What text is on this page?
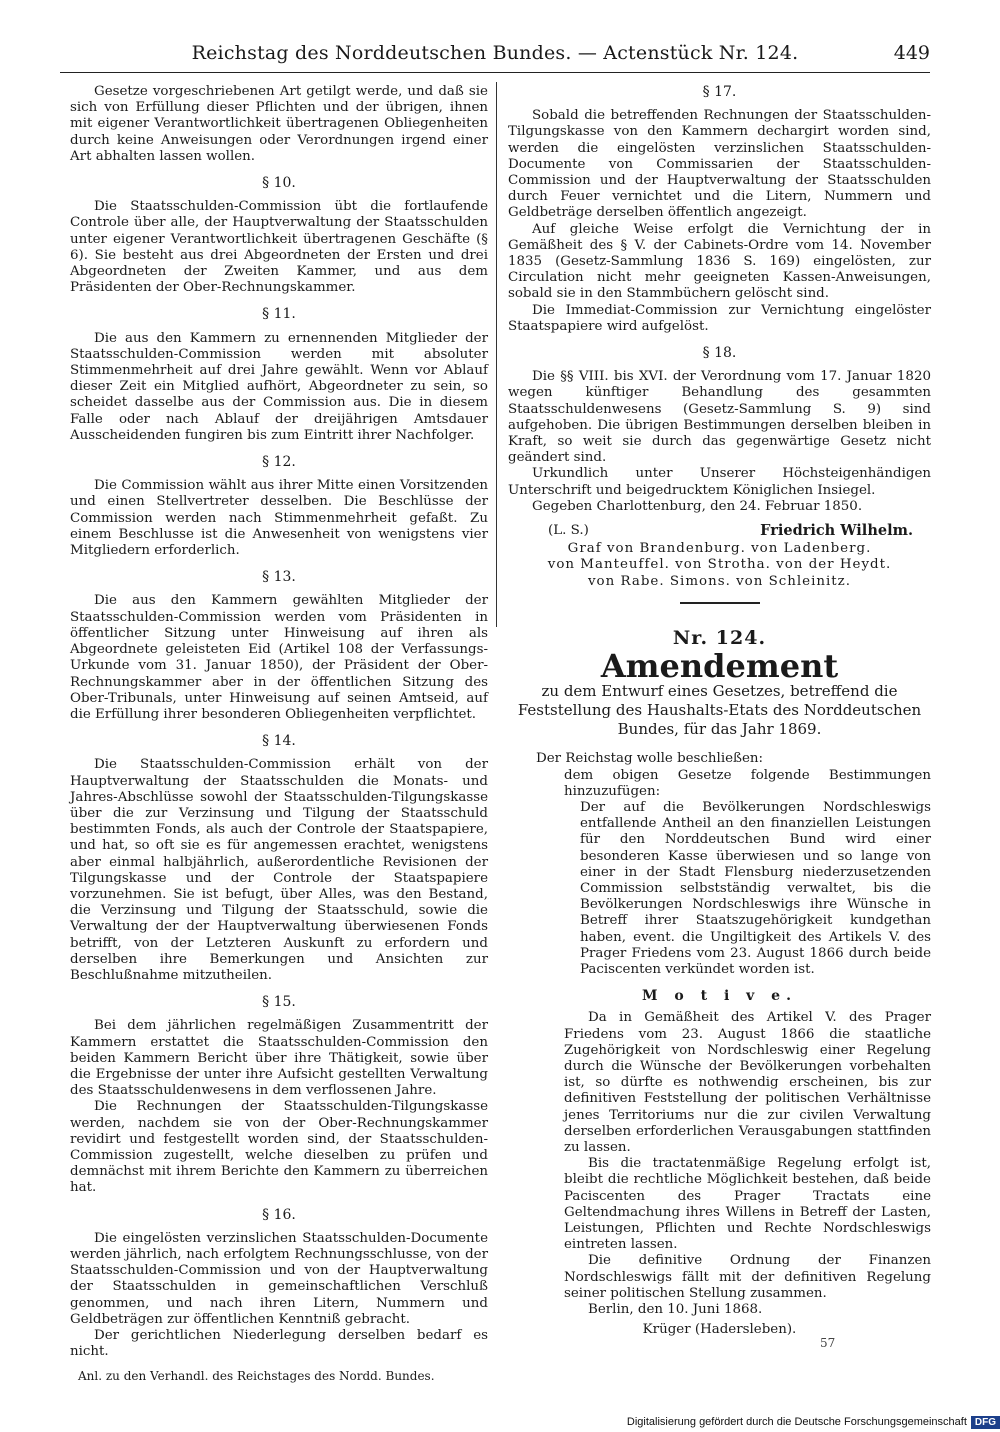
Reichstag des Norddeutschen Bundes. — Actenstück Nr. 124.	449

Gesetze vorgeschriebenen Art getilgt werde, und daß sie sich von Erfüllung dieser Pflichten und der übrigen, ihnen mit eigener Verantwortlichkeit übertragenen Obliegenheiten durch keine Anweisungen oder Verordnungen irgend einer Art abhalten lassen wollen.

§ 10.

Die Staatsschulden-Commission übt die fortlaufende Controle über alle, der Hauptverwaltung der Staatsschulden unter eigener Verantwortlichkeit übertragenen Geschäfte (§ 6). Sie besteht aus drei Abgeordneten der Ersten und drei Abgeordneten der Zweiten Kammer, und aus dem Präsidenten der Ober-Rechnungskammer.

§ 11.

Die aus den Kammern zu ernennenden Mitglieder der Staatsschulden-Commission werden mit absoluter Stimmenmehrheit auf drei Jahre gewählt. Wenn vor Ablauf dieser Zeit ein Mitglied aufhört, Abgeordneter zu sein, so scheidet dasselbe aus der Commission aus. Die in diesem Falle oder nach Ablauf der dreijährigen Amtsdauer Ausscheidenden fungiren bis zum Eintritt ihrer Nachfolger.

§ 12.

Die Commission wählt aus ihrer Mitte einen Vorsitzenden und einen Stellvertreter desselben. Die Beschlüsse der Commission werden nach Stimmenmehrheit gefaßt. Zu einem Beschlusse ist die Anwesenheit von wenigstens vier Mitgliedern erforderlich.

§ 13.

Die aus den Kammern gewählten Mitglieder der Staatsschulden-Commission werden vom Präsidenten in öffentlicher Sitzung unter Hinweisung auf ihren als Abgeordnete geleisteten Eid (Artikel 108 der Verfassungs-Urkunde vom 31. Januar 1850), der Präsident der Ober-Rechnungskammer aber in der öffentlichen Sitzung des Ober-Tribunals, unter Hinweisung auf seinen Amtseid, auf die Erfüllung ihrer besonderen Obliegenheiten verpflichtet.

§ 14.

Die Staatsschulden-Commission erhält von der Hauptverwaltung der Staatsschulden die Monats- und Jahres-Abschlüsse sowohl der Staatsschulden-Tilgungskasse über die zur Verzinsung und Tilgung der Staatsschuld bestimmten Fonds, als auch der Controle der Staatspapiere, und hat, so oft sie es für angemessen erachtet, wenigstens aber einmal halbjährlich, außerordentliche Revisionen der Tilgungskasse und der Controle der Staatspapiere vorzunehmen. Sie ist befugt, über Alles, was den Bestand, die Verzinsung und Tilgung der Staatsschuld, sowie die Verwaltung der der Hauptverwaltung überwiesenen Fonds betrifft, von der Letzteren Auskunft zu erfordern und derselben ihre Bemerkungen und Ansichten zur Beschlußnahme mitzutheilen.

§ 15.

Bei dem jährlichen regelmäßigen Zusammentritt der Kammern erstattet die Staatsschulden-Commission den beiden Kammern Bericht über ihre Thätigkeit, sowie über die Ergebnisse der unter ihre Aufsicht gestellten Verwaltung des Staatsschuldenwesens in dem verflossenen Jahre.

Die Rechnungen der Staatsschulden-Tilgungskasse werden, nachdem sie von der Ober-Rechnungskammer revidirt und festgestellt worden sind, der Staatsschulden-Commission zugestellt, welche dieselben zu prüfen und demnächst mit ihrem Berichte den Kammern zu überreichen hat.

§ 16.

Die eingelösten verzinslichen Staatsschulden-Documente werden jährlich, nach erfolgtem Rechnungsschlusse, von der Staatsschulden-Commission und von der Hauptverwaltung der Staatsschulden in gemeinschaftlichen Verschluß genommen, und nach ihren Litern, Nummern und Geldbeträgen zur öffentlichen Kenntniß gebracht.

Der gerichtlichen Niederlegung derselben bedarf es nicht.

Anl. zu den Verhandl. des Reichstages des Nordd. Bundes.

§ 17.

Sobald die betreffenden Rechnungen der Staatsschulden-Tilgungskasse von den Kammern dechargirt worden sind, werden die eingelösten verzinslichen Staatsschulden-Documente von Commissarien der Staatsschulden-Commission und der Hauptverwaltung der Staatsschulden durch Feuer vernichtet und die Litern, Nummern und Geldbeträge derselben öffentlich angezeigt.

Auf gleiche Weise erfolgt die Vernichtung der in Gemäßheit des § V. der Cabinets-Ordre vom 14. November 1835 (Gesetz-Sammlung 1836 S. 169) eingelösten, zur Circulation nicht mehr geeigneten Kassen-Anweisungen, sobald sie in den Stammbüchern gelöscht sind.

Die Immediat-Commission zur Vernichtung eingelöster Staatspapiere wird aufgelöst.

§ 18.

Die §§ VIII. bis XVI. der Verordnung vom 17. Januar 1820 wegen künftiger Behandlung des gesammten Staatsschuldenwesens (Gesetz-Sammlung S. 9) sind aufgehoben. Die übrigen Bestimmungen derselben bleiben in Kraft, so weit sie durch das gegenwärtige Gesetz nicht geändert sind.

Urkundlich unter Unserer Höchsteigenhändigen Unterschrift und beigedrucktem Königlichen Insiegel.

Gegeben Charlottenburg, den 24. Februar 1850.

(L. S.)	Friedrich Wilhelm.
Graf von Brandenburg. von Ladenberg.
von Manteuffel. von Strotha. von der Heydt.
von Rabe. Simons. von Schleinitz.
Nr. 124.
Amendement
zu dem Entwurf eines Gesetzes, betreffend die Feststellung des Haushalts-Etats des Norddeutschen Bundes, für das Jahr 1869.

Der Reichstag wolle beschließen:

dem obigen Gesetze folgende Bestimmungen hinzuzufügen:

Der auf die Bevölkerungen Nordschleswigs entfallende Antheil an den finanziellen Leistungen für den Norddeutschen Bund wird einer besonderen Kasse überwiesen und so lange von einer in der Stadt Flensburg niederzusetzenden Commission selbstständig verwaltet, bis die Bevölkerungen Nordschleswigs ihre Wünsche in Betreff ihrer Staatszugehörigkeit kundgethan haben, event. die Ungiltigkeit des Artikels V. des Prager Friedens vom 23. August 1866 durch beide Paciscenten verkündet worden ist.

M o t i v e.

Da in Gemäßheit des Artikel V. des Prager Friedens vom 23. August 1866 die staatliche Zugehörigkeit von Nordschleswig einer Regelung durch die Wünsche der Bevölkerungen vorbehalten ist, so dürfte es nothwendig erscheinen, bis zur definitiven Feststellung der politischen Verhältnisse jenes Territoriums nur die zur civilen Verwaltung derselben erforderlichen Verausgabungen stattfinden zu lassen.

Bis die tractatenmäßige Regelung erfolgt ist, bleibt die rechtliche Möglichkeit bestehen, daß beide Paciscenten des Prager Tractats eine Geltendmachung ihres Willens in Betreff der Lasten, Leistungen, Pflichten und Rechte Nordschleswigs eintreten lassen.

Die definitive Ordnung der Finanzen Nordschleswigs fällt mit der definitiven Regelung seiner politischen Stellung zusammen.

Berlin, den 10. Juni 1868.

Krüger (Hadersleben).
57
Digitalisierung gefördert durch die Deutsche Forschungsgemeinschaft DFG
